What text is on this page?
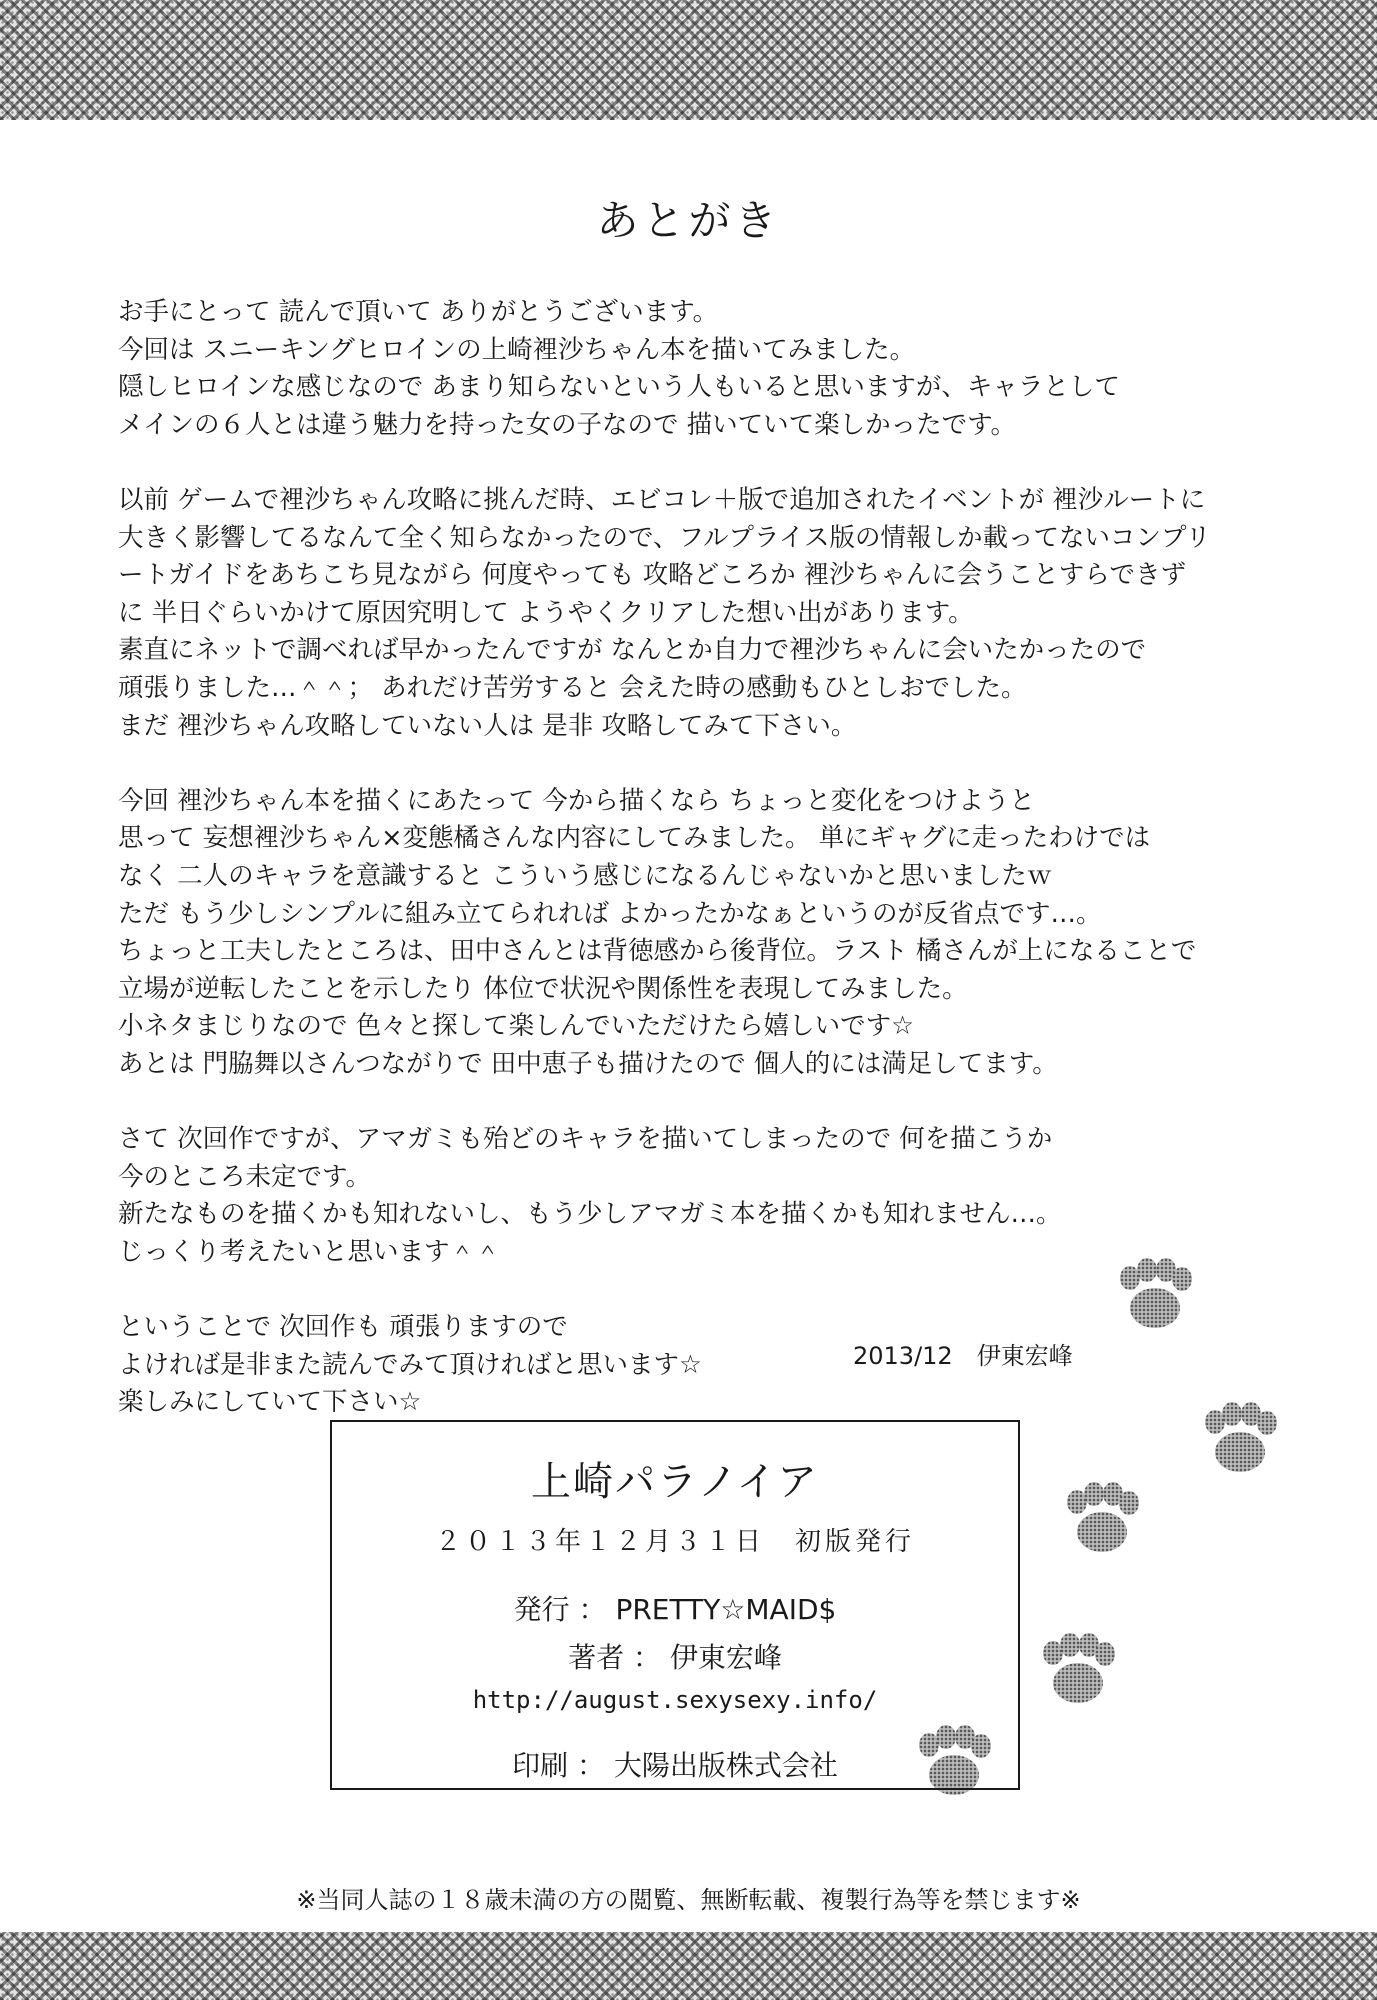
あとがき
お手にとって 読んで頂いて ありがとうございます。
今回は スニーキングヒロインの上崎裡沙ちゃん本を描いてみました。
隠しヒロインな感じなので あまり知らないという人もいると思いますが、キャラとして
メインの６人とは違う魅力を持った女の子なので 描いていて楽しかったです。
以前 ゲームで裡沙ちゃん攻略に挑んだ時、エビコレ＋版で追加されたイベントが 裡沙ルートに
大きく影響してるなんて全く知らなかったので、フルプライス版の情報しか載ってないコンプリ
ートガイドをあちこち見ながら 何度やっても 攻略どころか 裡沙ちゃんに会うことすらできず
に 半日ぐらいかけて原因究明して ようやくクリアした想い出があります。
素直にネットで調べれば早かったんですが なんとか自力で裡沙ちゃんに会いたかったので
頑張りました…＾＾； あれだけ苦労すると 会えた時の感動もひとしおでした。
まだ 裡沙ちゃん攻略していない人は 是非 攻略してみて下さい。
今回 裡沙ちゃん本を描くにあたって 今から描くなら ちょっと変化をつけようと
思って 妄想裡沙ちゃん×変態橘さんな内容にしてみました。 単にギャグに走ったわけでは
なく 二人のキャラを意識すると こういう感じになるんじゃないかと思いましたｗ
ただ もう少しシンプルに組み立てられれば よかったかなぁというのが反省点です…。
ちょっと工夫したところは、田中さんとは背徳感から後背位。ラスト 橘さんが上になることで
立場が逆転したことを示したり 体位で状況や関係性を表現してみました。
小ネタまじりなので 色々と探して楽しんでいただけたら嬉しいです☆
あとは 門脇舞以さんつながりで 田中恵子も描けたので 個人的には満足してます。
さて 次回作ですが、アマガミも殆どのキャラを描いてしまったので 何を描こうか
今のところ未定です。
新たなものを描くかも知れないし、もう少しアマガミ本を描くかも知れません…。
じっくり考えたいと思います＾＾
ということで 次回作も 頑張りますので
よければ是非また読んでみて頂ければと思います☆
楽しみにしていて下さい☆
2013/12　伊東宏峰
上崎パラノイア
２０１３年１２月３１日　初版発行
発行 ： PRETTY☆MAID$
著者 ： 伊東宏峰
http://august.sexysexy.info/
印刷 ： 大陽出版株式会社
※当同人誌の１８歳未満の方の閲覧、無断転載、複製行為等を禁じます※
